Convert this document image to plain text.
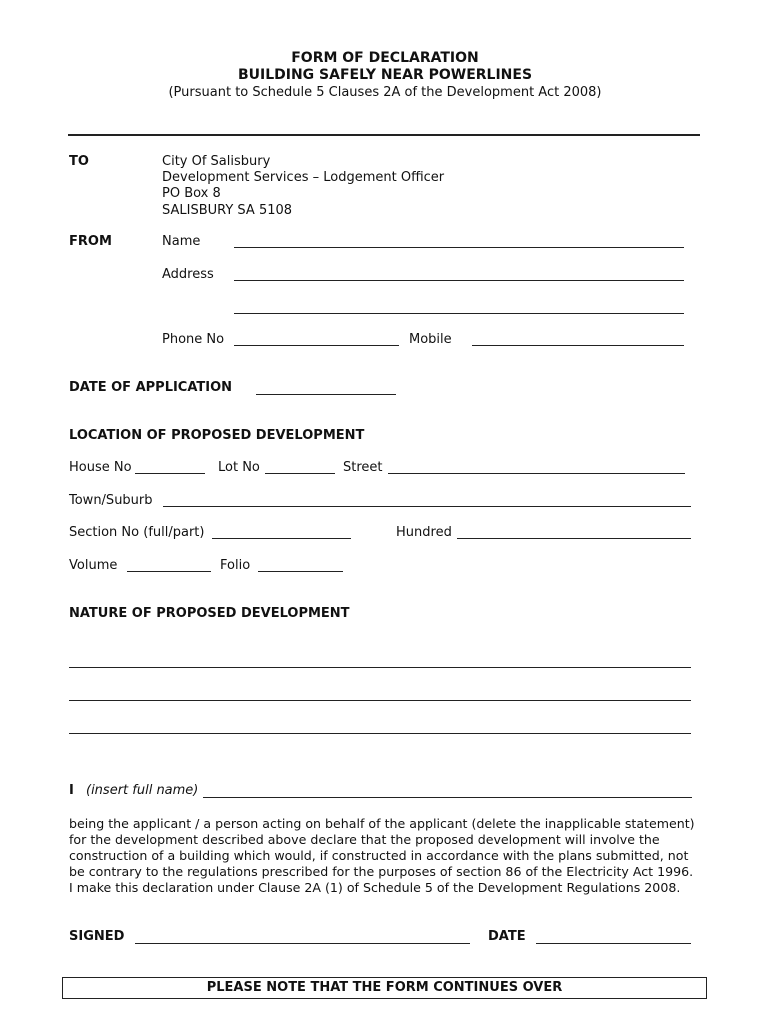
FORM OF DECLARATION
BUILDING SAFELY NEAR POWERLINES
(Pursuant to Schedule 5 Clauses 2A of the Development Act 2008)
TO	City Of Salisbury
Development Services – Lodgement Officer
PO Box 8
SALISBURY SA 5108
FROM	Name
Address
Phone No	Mobile
DATE OF APPLICATION
LOCATION OF PROPOSED DEVELOPMENT
House No	Lot No	Street
Town/Suburb
Section No (full/part)	Hundred
Volume	Folio
NATURE OF PROPOSED DEVELOPMENT
I (insert full name)
being the applicant / a person acting on behalf of the applicant (delete the inapplicable statement)
for the development described above declare that the proposed development will involve the
construction of a building which would, if constructed in accordance with the plans submitted, not
be contrary to the regulations prescribed for the purposes of section 86 of the Electricity Act 1996.
I make this declaration under Clause 2A (1) of Schedule 5 of the Development Regulations 2008.
SIGNED	DATE
PLEASE NOTE THAT THE FORM CONTINUES OVER
